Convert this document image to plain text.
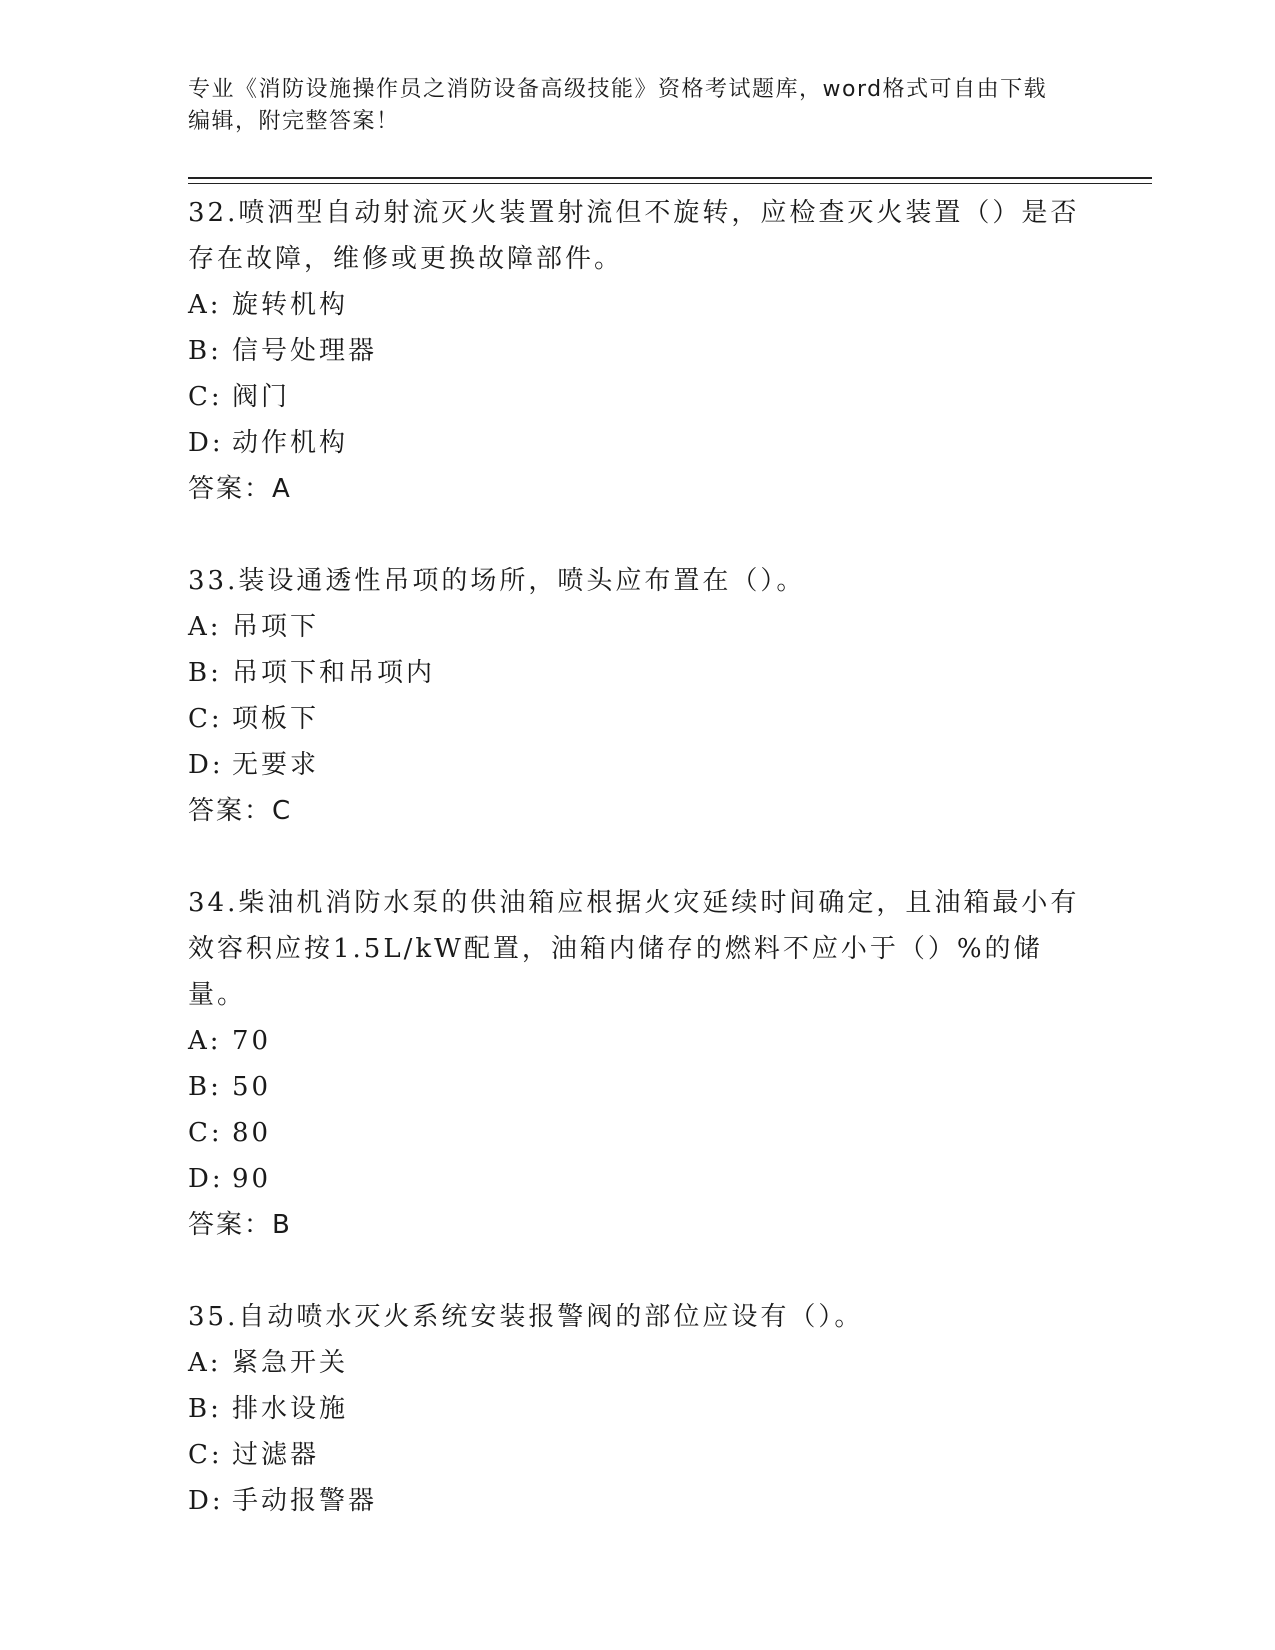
专业《消防设施操作员之消防设备高级技能》资格考试题库，word格式可自由下载编辑，附完整答案！
32.喷洒型自动射流灭火装置射流但不旋转，应检查灭火装置（）是否存在故障，维修或更换故障部件。
A: 旋转机构
B: 信号处理器
C: 阀门
D: 动作机构
答案：A
33.装设通透性吊项的场所，喷头应布置在（）。
A: 吊项下
B: 吊项下和吊项内
C: 项板下
D: 无要求
答案：C
34.柴油机消防水泵的供油箱应根据火灾延续时间确定，且油箱最小有效容积应按1.5L/kW配置，油箱内储存的燃料不应小于（）%的储量。
A: 70
B: 50
C: 80
D: 90
答案：B
35.自动喷水灭火系统安装报警阀的部位应设有（）。
A: 紧急开关
B: 排水设施
C: 过滤器
D: 手动报警器
